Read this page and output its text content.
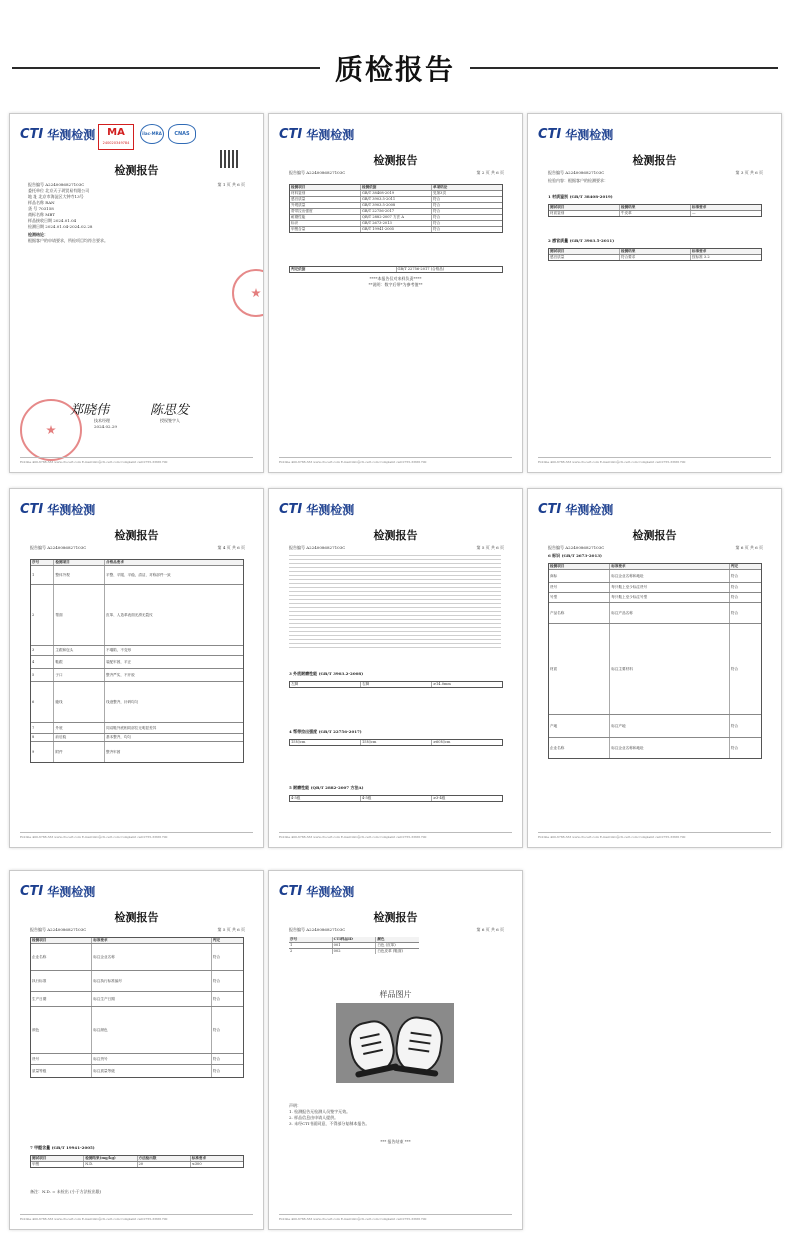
质检报告
CTI 华测检测	MA
240020349784
ilac-MRA	CNAS
检测报告
第 1 页 共 6 页
报告编号 A2240086827103C
委托单位 北京天子玥贸易有限公司
地 址 北京市海淀区大钟寺13号
样品名称 RAN
货 号 703158
商标名称 MBT
样品接收日期 2024.01.04
检测日期 2024.01.04-2024.02.28
检测结论：
根据客户的申请要求，所检项目均符合要求。
郑晓伟	陈思发
技术经理
2024.02.29
授权签字人
Hotline 400-6788-333 www.cti-cert.com E-mail info@cti-cert.com Complaint call 0755-33681700
CTI 华测检测
检测报告
报告编号 A2240086827103C	第 2 页 共 6 页
检测项目	检测依据	单项结论
材料鉴别	GB/T 38408-2019	见第3页
感官质量	GB/T 3903.5-2011	符合
外观质量	GB/T 3903.5-2008	符合
帮带拉出强度	GB/T 22756-2017	符合
耐磨性能	QB/T 2882-2007 方法 A	符合
标识	GB/T 2673-2013	符合
甲醛含量	GB/T 19941-2005	符合
判定依据	GB/T 22756-2017 (合格品)
****本报告仅对来样负责****
**说明：数字后带*为参考值**
Hotline 400-6788-333 www.cti-cert.com E-mail info@cti-cert.com Complaint call 0755-33681700
CTI 华测检测
检测报告
报告编号 A2240086827103C	第 3 页 共 6 页
检验内容：根据客户的检测要求：
1 材质鉴别 (GB/T 38408-2019)
测试项目	检测结果	标准要求
材质鉴别	牛皮革	—
2 感官质量 (GB/T 3903.5-2011)
测试项目	检测结果	标准要求
感官质量	符合要求	按标准 3.2
Hotline 400-6788-333 www.cti-cert.com E-mail info@cti-cert.com Complaint call 0755-33681700
CTI 华测检测
检测报告
报告编号 A2240086827103C	第 4 页 共 6 页
序号	检测项目	合格品要求
1	整体外观	平整、平服、平稳，清洁，对称部件一致
2	帮面	皮革、人造革表面光滑无裂纹
3	主跟和包头	不塌陷，不变形
4	鞋跟	装配牢固，平正
5	子口	整齐严实，不开胶
6	缝线	线迹整齐，针码均匀
7	外底	同双鞋外底相同部位无明显差异
8	前后跷	基本整齐，均匀
9	附件	整齐牢固
Hotline 400-6788-333 www.cti-cert.com E-mail info@cti-cert.com Complaint call 0755-33681700
CTI 华测检测
检测报告
报告编号 A2240086827103C	第 5 页 共 6 页
3 外底耐磨性能 (GB/T 3903.2-2008)
左脚	右脚	≥14.0mm
4 帮带拉出强度 (GB/T 22756-2017)
15N/cm	15N/cm	≥60N/cm
5 耐磨性能 (QB/T 2882-2007 方法A)
4-5级	4-5级	≥3-4级
Hotline 400-6788-333 www.cti-cert.com E-mail info@cti-cert.com Complaint call 0755-33681700
CTI 华测检测
检测报告
报告编号 A2240086827103C	第 6 页 共 6 页
6 标识 (GB/T 2673-2013)
检测项目	标准要求	判定
商标	标注企业名称和地址	符合
货号	每只鞋上至少标注货号	符合
号型	每只鞋上至少标注号型	符合
产品名称	标注产品名称	符合
材质	标注主要材料	符合
产地	标注产地	符合
企业名称	标注企业名称和地址	符合
Hotline 400-6788-333 www.cti-cert.com E-mail info@cti-cert.com Complaint call 0755-33681700
CTI 华测检测
检测报告
报告编号 A2240086827103C	第 5 页 共 6 页
检测项目	标准要求	判定
企业名称	标注企业名称	符合
执行标准	标注执行标准编号	符合
生产日期	标注生产日期	符合
颜色	标注颜色	符合
货号	标注货号	符合
质量等级	标注质量等级	符合
7 甲醛含量 (GB/T 19941-2005)
测试项目	检测结果(mg/kg)	方法检出限	标准要求
甲醛	N.D.	20	≤300
备注：N.D. = 未检出 (小于方法检出限)
Hotline 400-6788-333 www.cti-cert.com E-mail info@cti-cert.com Complaint call 0755-33681700
CTI 华测检测
检测报告
报告编号 A2240086827103C	第 6 页 共 6 页
序号	CTI样品ID	颜色
1	001	白色 (皮革)
2	002	白色皮革 (鞋面)
样品图片
声明：
1. 检测报告无检测人员签字无效。
2. 样品信息由申请人提供。
3. 未经CTI书面同意，不得部分复制本报告。
*** 报告结束 ***
Hotline 400-6788-333 www.cti-cert.com E-mail info@cti-cert.com Complaint call 0755-33681700
